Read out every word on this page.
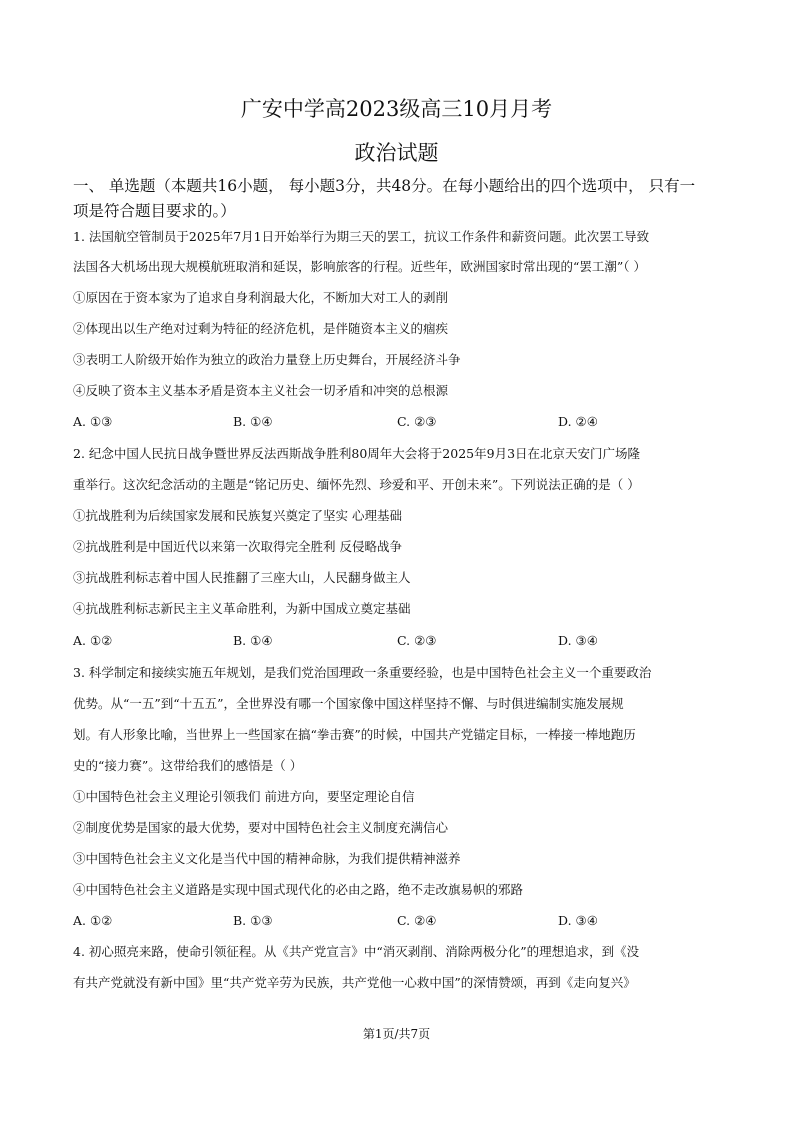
广安中学高2023级高三10月月考
政治试题

一、 单选题（本题共16小题， 每小题3分，共48分。在每小题给出的四个选项中， 只有一

项是符合题目要求的。）

1. 法国航空管制员于2025年7月1日开始举行为期三天的罢工，抗议工作条件和薪资问题。此次罢工导致

法国各大机场出现大规模航班取消和延误，影响旅客的行程。近些年，欧洲国家时常出现的“罢工潮”（ ）

①原因在于资本家为了追求自身利润最大化，不断加大对工人的剥削

②体现出以生产绝对过剩为特征的经济危机，是伴随资本主义的痼疾

③表明工人阶级开始作为独立的政治力量登上历史舞台，开展经济斗争

④反映了资本主义基本矛盾是资本主义社会一切矛盾和冲突的总根源

A. ①③	B. ①④	C. ②③	D. ②④

2. 纪念中国人民抗日战争暨世界反法西斯战争胜利80周年大会将于2025年9月3日在北京天安门广场隆

重举行。这次纪念活动的主题是“铭记历史、缅怀先烈、珍爱和平、开创未来”。下列说法正确的是（ ）

①抗战胜利为后续国家发展和民族复兴奠定了坚实 心理基础

②抗战胜利是中国近代以来第一次取得完全胜利 反侵略战争

③抗战胜利标志着中国人民推翻了三座大山，人民翻身做主人

④抗战胜利标志新民主主义革命胜利，为新中国成立奠定基础

A. ①②	B. ①④	C. ②③	D. ③④

3. 科学制定和接续实施五年规划，是我们党治国理政一条重要经验，也是中国特色社会主义一个重要政治

优势。从“一五”到“十五五”，全世界没有哪一个国家像中国这样坚持不懈、与时俱进编制实施发展规

划。有人形象比喻，当世界上一些国家在搞“拳击赛”的时候，中国共产党锚定目标，一棒接一棒地跑历

史的“接力赛”。这带给我们的感悟是（ ）

①中国特色社会主义理论引领我们 前进方向，要坚定理论自信

②制度优势是国家的最大优势，要对中国特色社会主义制度充满信心

③中国特色社会主义文化是当代中国的精神命脉，为我们提供精神滋养

④中国特色社会主义道路是实现中国式现代化的必由之路，绝不走改旗易帜的邪路

A. ①②	B. ①③	C. ②④	D. ③④

4. 初心照亮来路，使命引领征程。从《共产党宣言》中“消灭剥削、消除两极分化”的理想追求，到《没

有共产党就没有新中国》里“共产党辛劳为民族，共产党他一心救中国”的深情赞颂，再到《走向复兴》

第1页/共7页
